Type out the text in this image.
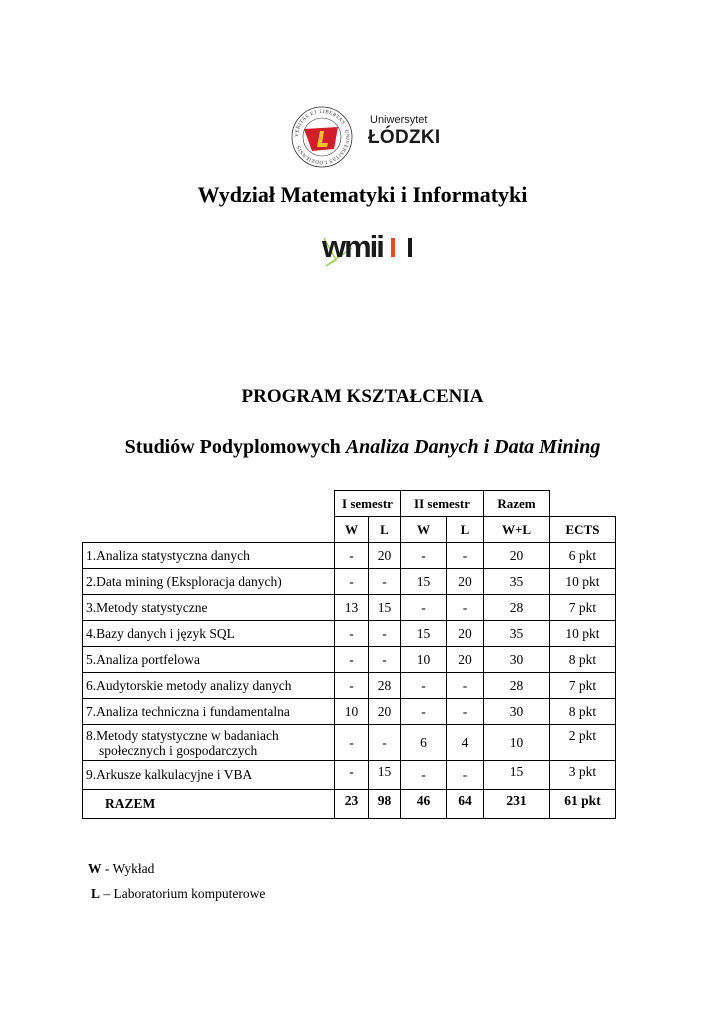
VERITAS ET LIBERTAS · UNIVERSITAS LODZIENSIS
Uniwersytet
ŁÓDZKI
Wydział Matematyki i Informatyki
wmii
PROGRAM KSZTAŁCENIA
Studiów Podyplomowych Analiza Danych i Data Mining
	I semestr		II semestr		Razem	
	W	L	W	L	W+L	ECTS
1.Analiza statystyczna danych	-	20	-	-	20	6 pkt
2.Data mining (Eksploracja danych)	-	-	15	20	35	10 pkt
3.Metody statystyczne	13	15	-	-	28	7 pkt
4.Bazy danych i język SQL	-	-	15	20	35	10 pkt
5.Analiza portfelowa	-	-	10	20	30	8 pkt
6.Audytorskie metody analizy danych	-	28	-	-	28	7 pkt
7.Analiza techniczna i fundamentalna	10	20	-	-	30	8 pkt
8.Metody statystyczne w badaniach
społecznych i gospodarczych	-	-	6	4	10	2 pkt
9.Arkusze kalkulacyjne i VBA	-	15	-	-	15	3 pkt
RAZEM	23	98	46	64	231	61 pkt
W - Wykład
L – Laboratorium komputerowe
